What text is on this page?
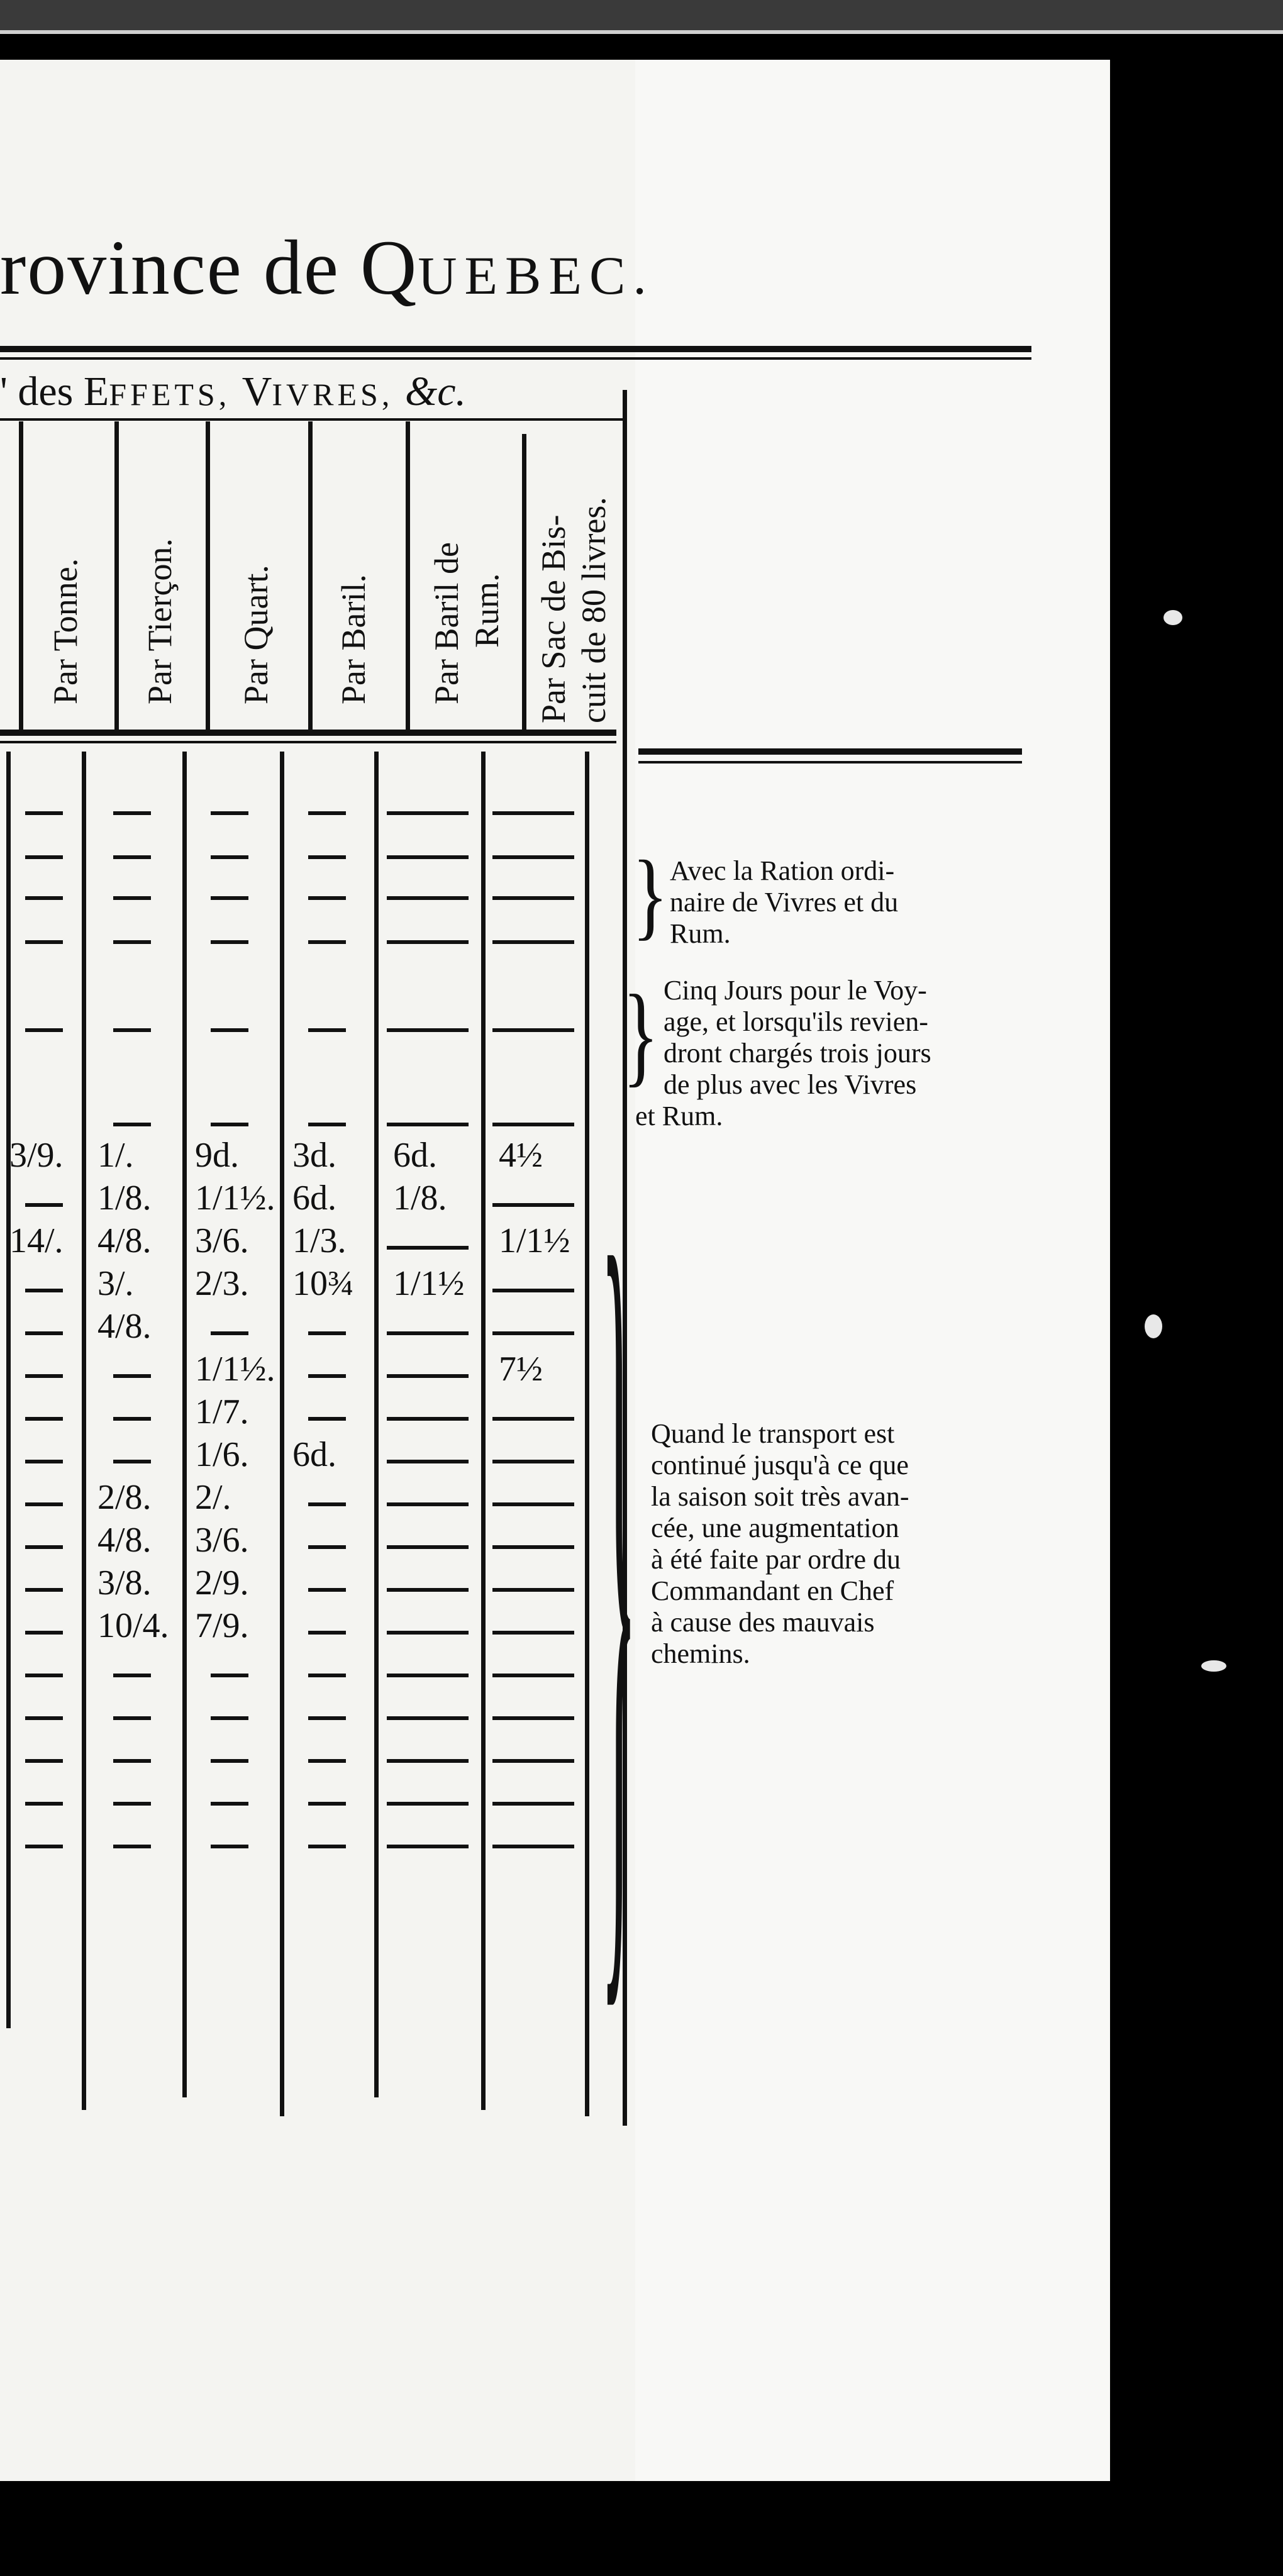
rovince de QUEBEC.
' des EFFETS, VIVRES, &c.
Par Tonne. Par Tierçon. Par Quart. Par Baril. Par Baril de Rum. Par Sac de Bis- cuit de 80 livres.
3/9. 1/. 9d. 3d. 6d. 4½
1/8. 1/1½. 6d. 1/8.
14/. 4/8. 3/6. 1/3.	1/1½
3/. 2/3. 10¾ 1/1½
4/8.
1/1½.	7½
1/7.
1/6. 6d.
2/8. 2/.
4/8. 3/6.
3/8. 2/9.
10/4. 7/9.
}
}
}
Avec la Ration ordi-
naire de Vivres et du
Rum.
Cinq Jours pour le Voy-
age, et lorsqu'ils revien-
dront chargés trois jours
de plus avec les Vivres
et Rum.
Quand le transport est
continué jusqu'à ce que
la saison soit très avan-
cée, une augmentation
à été faite par ordre du
Commandant en Chef
à cause des mauvais
chemins.
